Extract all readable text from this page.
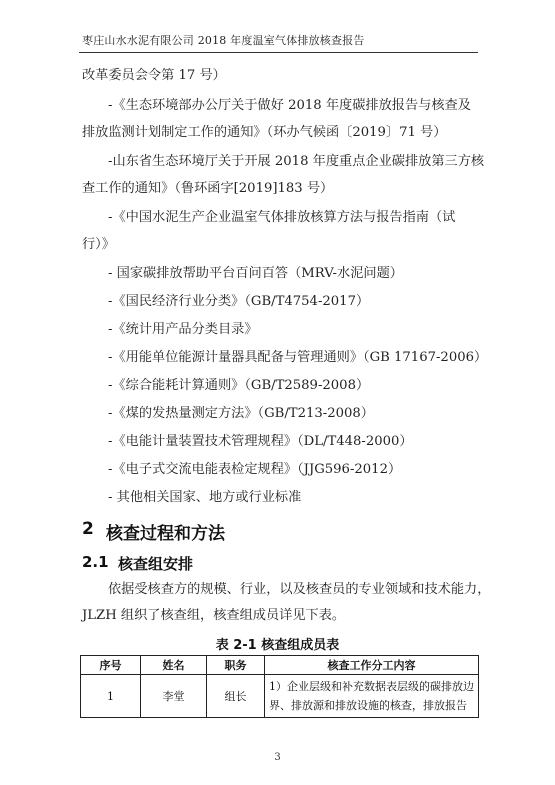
枣庄山水水泥有限公司 2018 年度温室气体排放核查报告
改革委员会令第 17 号）
-《生态环境部办公厅关于做好 2018 年度碳排放报告与核查及
排放监测计划制定工作的通知》（环办气候函〔2019〕71 号）
-山东省生态环境厅关于开展 2018 年度重点企业碳排放第三方核
查工作的通知》（鲁环函字[2019]183 号）
-《中国水泥生产企业温室气体排放核算方法与报告指南（试
行）》
- 国家碳排放帮助平台百问百答（MRV-水泥问题）
-《国民经济行业分类》（GB/T4754-2017）
-《统计用产品分类目录》
-《用能单位能源计量器具配备与管理通则》（GB 17167-2006）
-《综合能耗计算通则》（GB/T2589-2008）
-《煤的发热量测定方法》（GB/T213-2008）
-《电能计量装置技术管理规程》（DL/T448-2000）
-《电子式交流电能表检定规程》（JJG596-2012）
- 其他相关国家、地方或行业标准
2 核查过程和方法
2.1 核查组安排
依据受核查方的规模、行业，以及核查员的专业领域和技术能力，
JLZH 组织了核查组，核查组成员详见下表。
表 2-1 核查组成员表
序号	姓名	职务	核查工作分工内容
1	李堂	组长	1）企业层级和补充数据表层级的碳排放边
界、排放源和排放设施的核查，排放报告
3
